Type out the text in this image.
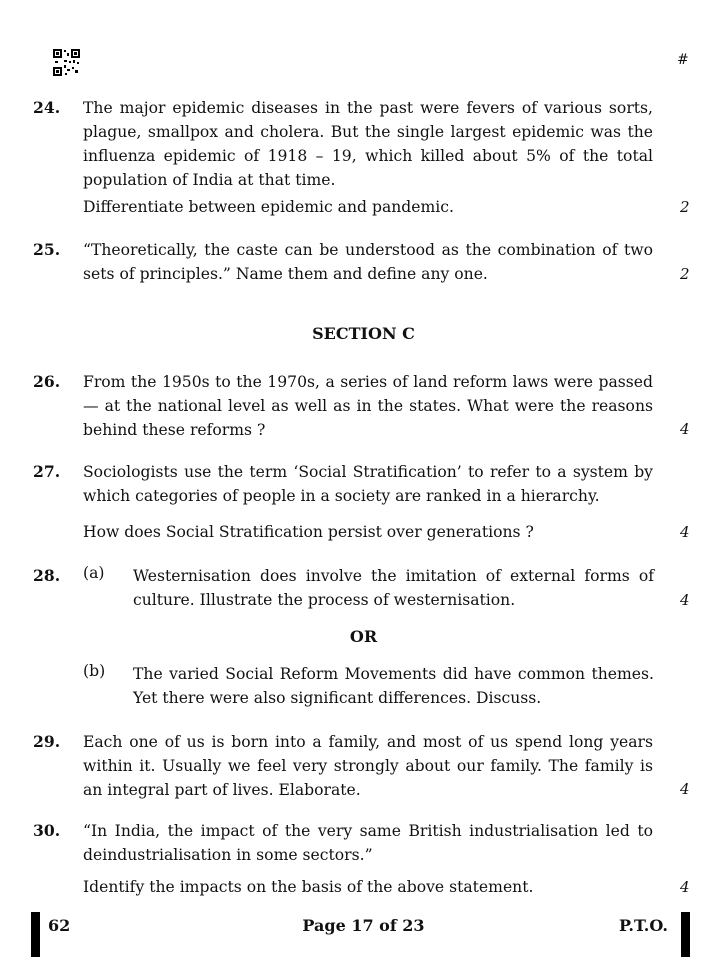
#
24. The major epidemic diseases in the past were fevers of various sorts, plague, smallpox and cholera. But the single largest epidemic was the influenza epidemic of 1918 – 19, which killed about 5% of the total population of India at that time.
Differentiate between epidemic and pandemic.	2
25. “Theoretically, the caste can be understood as the combination of two sets of principles.” Name them and define any one.	2
SECTION C
26. From the 1950s to the 1970s, a series of land reform laws were passed — at the national level as well as in the states. What were the reasons behind these reforms ?	4
27. Sociologists use the term ‘Social Stratification’ to refer to a system by which categories of people in a society are ranked in a hierarchy.
How does Social Stratification persist over generations ?	4
28. (a) Westernisation does involve the imitation of external forms of culture. Illustrate the process of westernisation.	4
OR
(b) The varied Social Reform Movements did have common themes. Yet there were also significant differences. Discuss.
29. Each one of us is born into a family, and most of us spend long years within it. Usually we feel very strongly about our family. The family is an integral part of lives. Elaborate.	4
30. “In India, the impact of the very same British industrialisation led to deindustrialisation in some sectors.”
Identify the impacts on the basis of the above statement.	4
62	Page 17 of 23	P.T.O.
